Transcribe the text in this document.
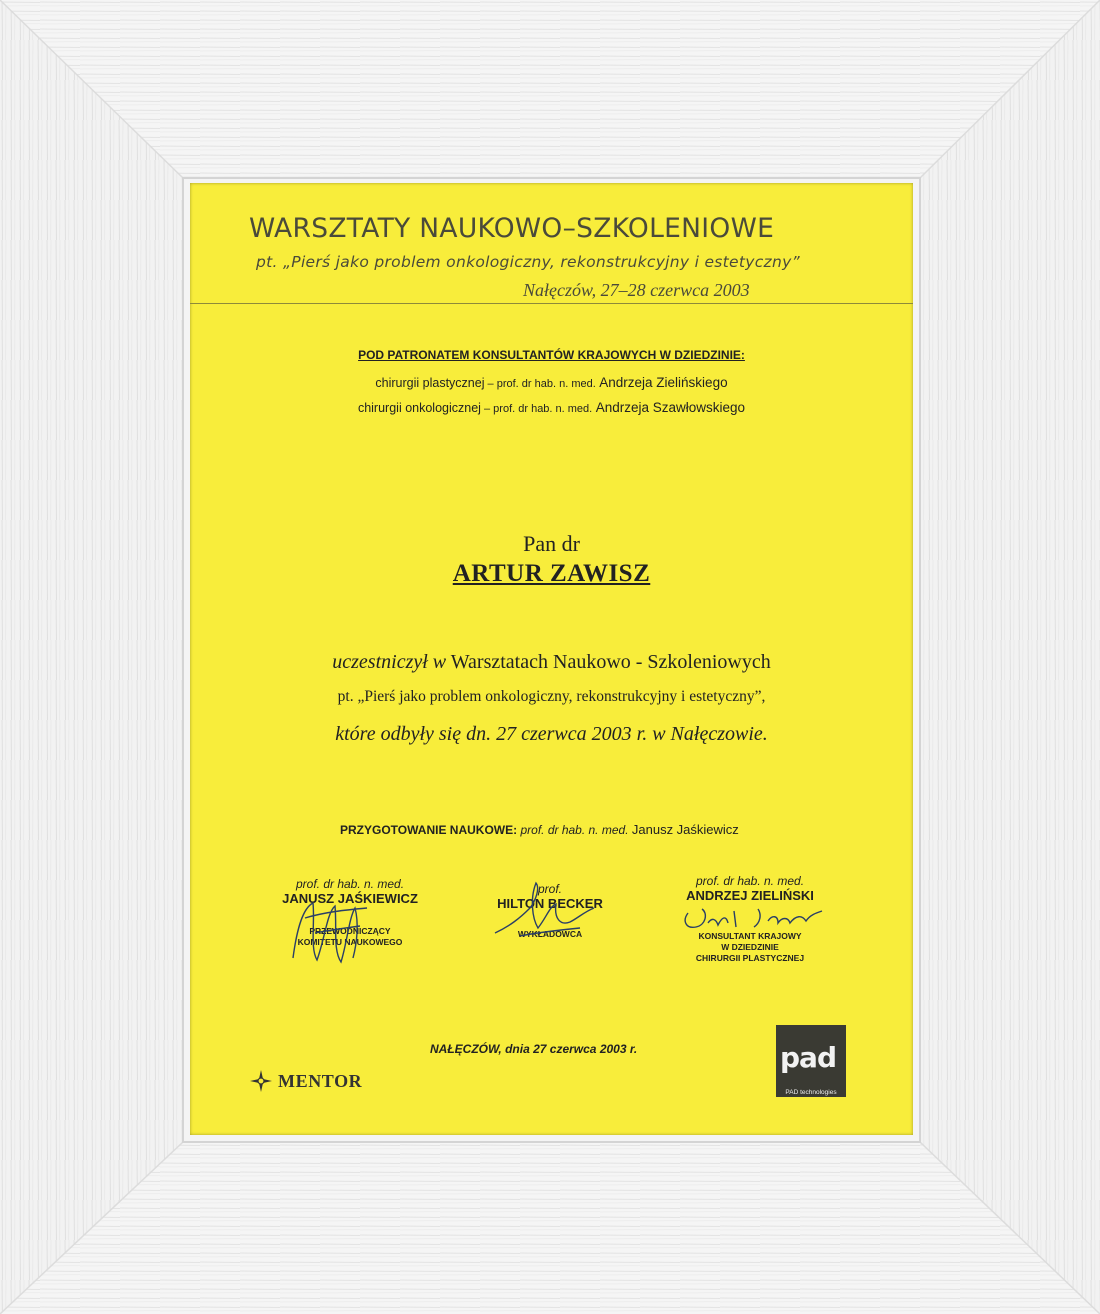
WARSZTATY NAUKOWO–SZKOLENIOWE
pt. „Pierś jako problem onkologiczny, rekonstrukcyjny i estetyczny”
Nałęczów, 27–28 czerwca 2003
POD PATRONATEM KONSULTANTÓW KRAJOWYCH W DZIEDZINIE:
chirurgii plastycznej – prof. dr hab. n. med. Andrzeja Zielińskiego
chirurgii onkologicznej – prof. dr hab. n. med. Andrzeja Szawłowskiego
Pan dr
ARTUR ZAWISZ
uczestniczył w Warsztatach Naukowo - Szkoleniowych
pt. „Pierś jako problem onkologiczny, rekonstrukcyjny i estetyczny”,
które odbyły się dn. 27 czerwca 2003 r. w Nałęczowie.
PRZYGOTOWANIE NAUKOWE: prof. dr hab. n. med. Janusz Jaśkiewicz
prof. dr hab. n. med.
JANUSZ JAŚKIEWICZ
PRZEWODNICZĄCY
KOMITETU NAUKOWEGO
prof.
HILTON BECKER
WYKŁADOWCA
prof. dr hab. n. med.
ANDRZEJ ZIELIŃSKI
KONSULTANT KRAJOWY
W DZIEDZINIE
CHIRURGII PLASTYCZNEJ
NAŁĘCZÓW, dnia 27 czerwca 2003 r.
MENTOR
pad
PAD technologies
